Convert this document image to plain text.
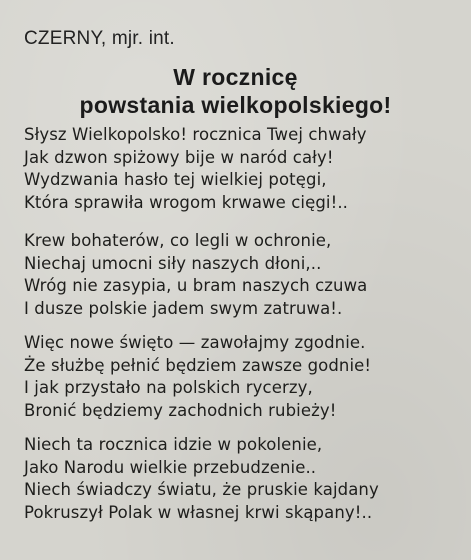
CZERNY, mjr. int.
W rocznicę
powstania wielkopolskiego!
Słysz Wielkopolsko! rocznica Twej chwały
Jak dzwon spiżowy bije w naród cały!
Wydzwania hasło tej wielkiej potęgi,
Która sprawiła wrogom krwawe cięgi!..
Krew bohaterów, co legli w ochronie,
Niechaj umocni siły naszych dłoni,..
Wróg nie zasypia, u bram naszych czuwa
I dusze polskie jadem swym zatruwa!.
Więc nowe święto — zawołajmy zgodnie.
Że służbę pełnić będziem zawsze godnie!
I jak przystało na polskich rycerzy,
Bronić będziemy zachodnich rubieży!
Niech ta rocznica idzie w pokolenie,
Jako Narodu wielkie przebudzenie..
Niech świadczy światu, że pruskie kajdany
Pokruszył Polak w własnej krwi skąpany!..
